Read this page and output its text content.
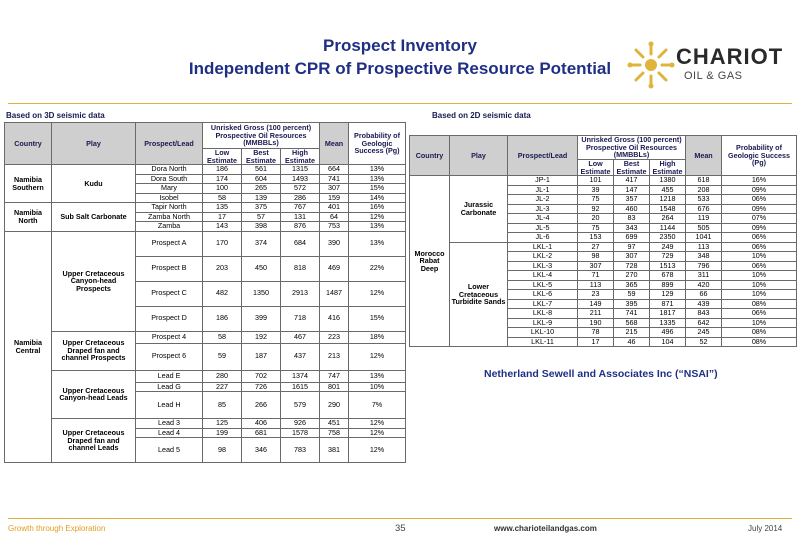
Prospect Inventory
Independent CPR of Prospective Resource Potential	CHARIOT
OIL & GAS
Based on 3D seismic data	Based on 2D seismic data
Country	Play	Prospect/Lead	Unrisked Gross (100 percent) Prospective Oil Resources (MMBBLs)			Mean	Probability of Geologic Success (Pg)
			Low Estimate	Best Estimate	High Estimate		
Namibia Southern	Kudu	Dora North	186	561	1315	664	13%
		Dora South	174	604	1493	741	13%
		Mary	100	265	572	307	15%
		Isobel	58	139	286	159	14%
Namibia North	Sub Salt Carbonate	Tapir North	135	375	767	401	16%
		Zamba North	17	57	131	64	12%
		Zamba	143	398	876	753	13%
Namibia Central	Upper Cretaceous Canyon-head Prospects	Prospect A	170	374	684	390	13%
		Prospect B	203	450	818	469	22%
		Prospect C	482	1350	2913	1487	12%
		Prospect D	186	399	718	416	15%
	Upper Cretaceous Draped fan and channel Prospects	Prospect 4	58	192	467	223	18%
		Prospect 6	59	187	437	213	12%
	Upper Cretaceous Canyon-head Leads	Lead E	280	702	1374	747	13%
		Lead G	227	726	1615	801	10%
		Lead H	85	266	579	290	7%
	Upper Cretaceous Draped fan and channel Leads	Lead 3	125	406	926	451	12%
		Lead 4	199	681	1578	758	12%
		Lead 5	98	346	783	381	12%
Country	Play	Prospect/Lead	Unrisked Gross (100 percent) Prospective Oil Resources (MMBBLs)			Mean	Probability of Geologic Success (Pg)
			Low Estimate	Best Estimate	High Estimate		
Morocco Rabat Deep	Jurassic Carbonate	JP-1	101	417	1380	618	16%
		JL-1	39	147	455	208	09%
		JL-2	75	357	1218	533	06%
		JL-3	92	460	1548	676	09%
		JL-4	20	83	264	119	07%
		JL-5	75	343	1144	505	09%
		JL-6	153	699	2350	1041	06%
	Lower Cretaceous Turbidite Sands	LKL-1	27	97	249	113	06%
		LKL-2	98	307	729	348	10%
		LKL-3	307	728	1513	796	06%
		LKL-4	71	270	678	311	10%
		LKL-5	113	365	899	420	10%
		LKL-6	23	59	129	66	10%
		LKL-7	149	395	871	439	08%
		LKL-8	211	741	1817	843	06%
		LKL-9	190	568	1335	642	10%
		LKL-10	78	215	496	245	08%
		LKL-11	17	46	104	52	08%
Netherland Sewell and Associates Inc (“NSAI”)
Growth through Exploration	35	www.charioteilandgas.com	July 2014
